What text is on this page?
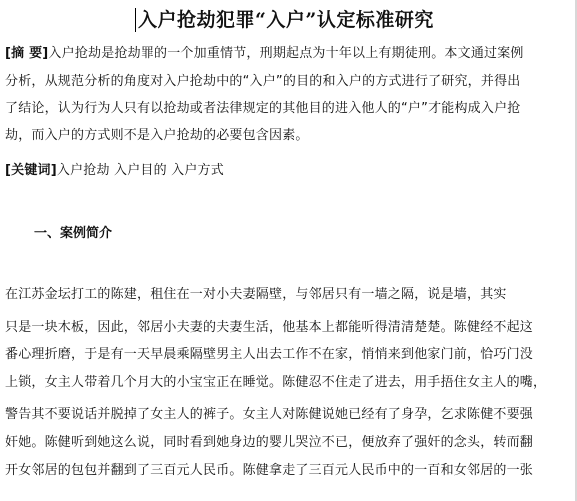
入户抢劫犯罪“入户”认定标准研究
[摘 要]入户抢劫是抢劫罪的一个加重情节，刑期起点为十年以上有期徒刑。本文通过案例
分析，从规范分析的角度对入户抢劫中的“入户”的目的和入户的方式进行了研究，并得出
了结论，认为行为人只有以抢劫或者法律规定的其他目的进入他人的“户”才能构成入户抢
劫，而入户的方式则不是入户抢劫的必要包含因素。
[关键词]入户抢劫 入户目的 入户方式
一、案例简介
在江苏金坛打工的陈建，租住在一对小夫妻隔壁，与邻居只有一墙之隔，说是墙，其实
只是一块木板，因此，邻居小夫妻的夫妻生活，他基本上都能听得清清楚楚。陈健经不起这
番心理折磨，于是有一天早晨乘隔壁男主人出去工作不在家，悄悄来到他家门前，恰巧门没
上锁，女主人带着几个月大的小宝宝正在睡觉。陈健忍不住走了进去，用手捂住女主人的嘴，
警告其不要说话并脱掉了女主人的裤子。女主人对陈健说她已经有了身孕，乞求陈健不要强
奸她。陈健听到她这么说，同时看到她身边的婴儿哭泣不已，便放弃了强奸的念头，转而翻
开女邻居的包包并翻到了三百元人民币。陈健拿走了三百元人民币中的一百和女邻居的一张
